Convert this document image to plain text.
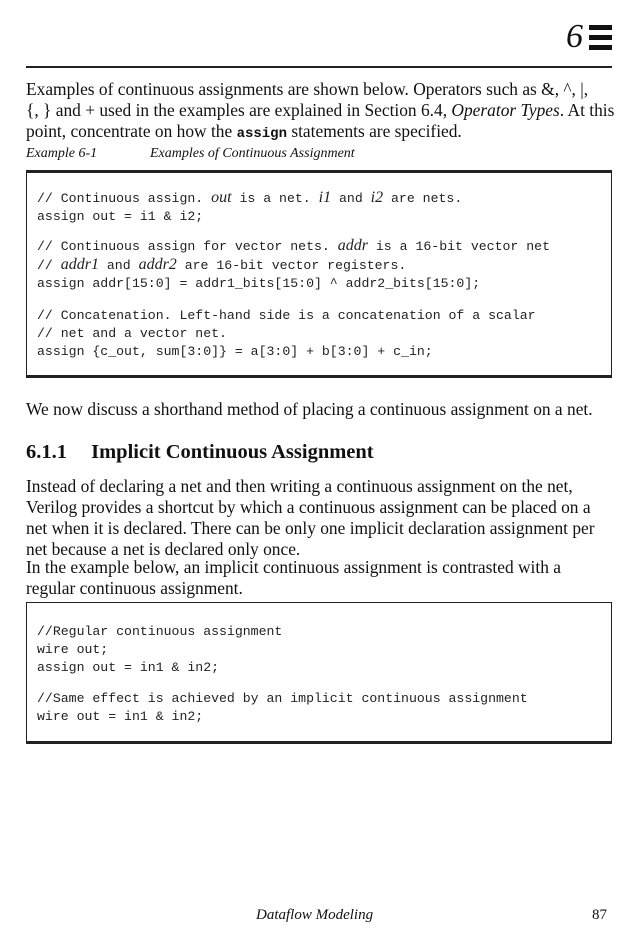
6
Examples of continuous assignments are shown below. Operators such as &, ^, |,
{, } and + used in the examples are explained in Section 6.4, Operator Types. At this
point, concentrate on how the assign statements are specified.
Example 6-1	Examples of Continuous Assignment
// Continuous assign. out is a net. i1 and i2 are nets.
assign out = i1 & i2;
// Continuous assign for vector nets. addr is a 16-bit vector net
// addr1 and addr2 are 16-bit vector registers.
assign addr[15:0] = addr1_bits[15:0] ^ addr2_bits[15:0];
// Concatenation. Left-hand side is a concatenation of a scalar
// net and a vector net.
assign {c_out, sum[3:0]} = a[3:0] + b[3:0] + c_in;
We now discuss a shorthand method of placing a continuous assignment on a net.
6.1.1 Implicit Continuous Assignment
Instead of declaring a net and then writing a continuous assignment on the net,
Verilog provides a shortcut by which a continuous assignment can be placed on a
net when it is declared. There can be only one implicit declaration assignment per
net because a net is declared only once.
In the example below, an implicit continuous assignment is contrasted with a
regular continuous assignment.
//Regular continuous assignment
wire out;
assign out = in1 & in2;
//Same effect is achieved by an implicit continuous assignment
wire out = in1 & in2;
Dataflow Modeling	87
